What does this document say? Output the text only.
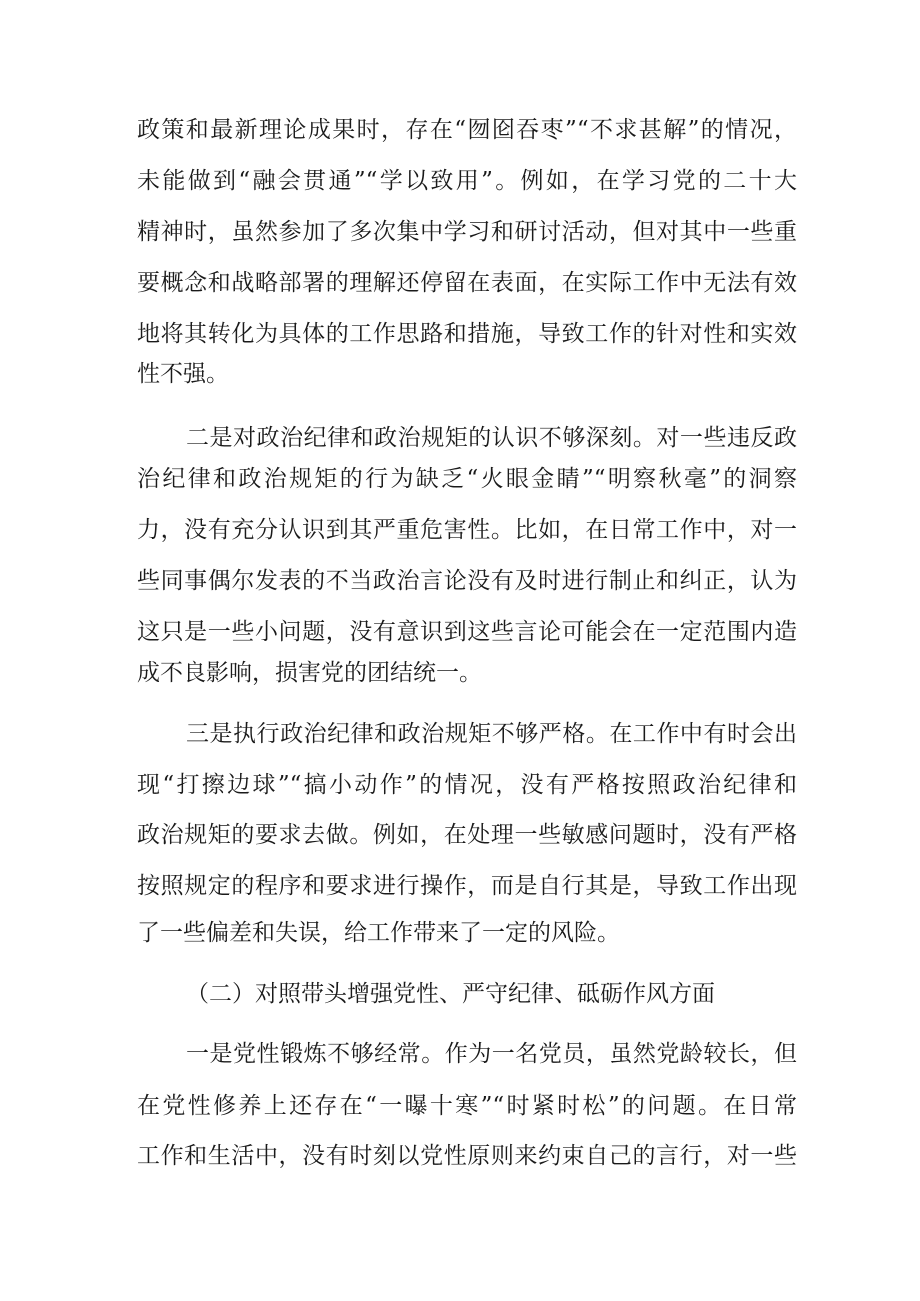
政策和最新理论成果时，存在“囫囵吞枣”“不求甚解”的情况，
未能做到“融会贯通”“学以致用”。例如，在学习党的二十大
精神时，虽然参加了多次集中学习和研讨活动，但对其中一些重
要概念和战略部署的理解还停留在表面，在实际工作中无法有效
地将其转化为具体的工作思路和措施，导致工作的针对性和实效
性不强。
二是对政治纪律和政治规矩的认识不够深刻。对一些违反政
治纪律和政治规矩的行为缺乏“火眼金睛”“明察秋毫”的洞察
力，没有充分认识到其严重危害性。比如，在日常工作中，对一
些同事偶尔发表的不当政治言论没有及时进行制止和纠正，认为
这只是一些小问题，没有意识到这些言论可能会在一定范围内造
成不良影响，损害党的团结统一。
三是执行政治纪律和政治规矩不够严格。在工作中有时会出
现“打擦边球”“搞小动作”的情况，没有严格按照政治纪律和
政治规矩的要求去做。例如，在处理一些敏感问题时，没有严格
按照规定的程序和要求进行操作，而是自行其是，导致工作出现
了一些偏差和失误，给工作带来了一定的风险。
（二）对照带头增强党性、严守纪律、砥砺作风方面
一是党性锻炼不够经常。作为一名党员，虽然党龄较长，但
在党性修养上还存在“一曝十寒”“时紧时松”的问题。在日常
工作和生活中，没有时刻以党性原则来约束自己的言行，对一些
